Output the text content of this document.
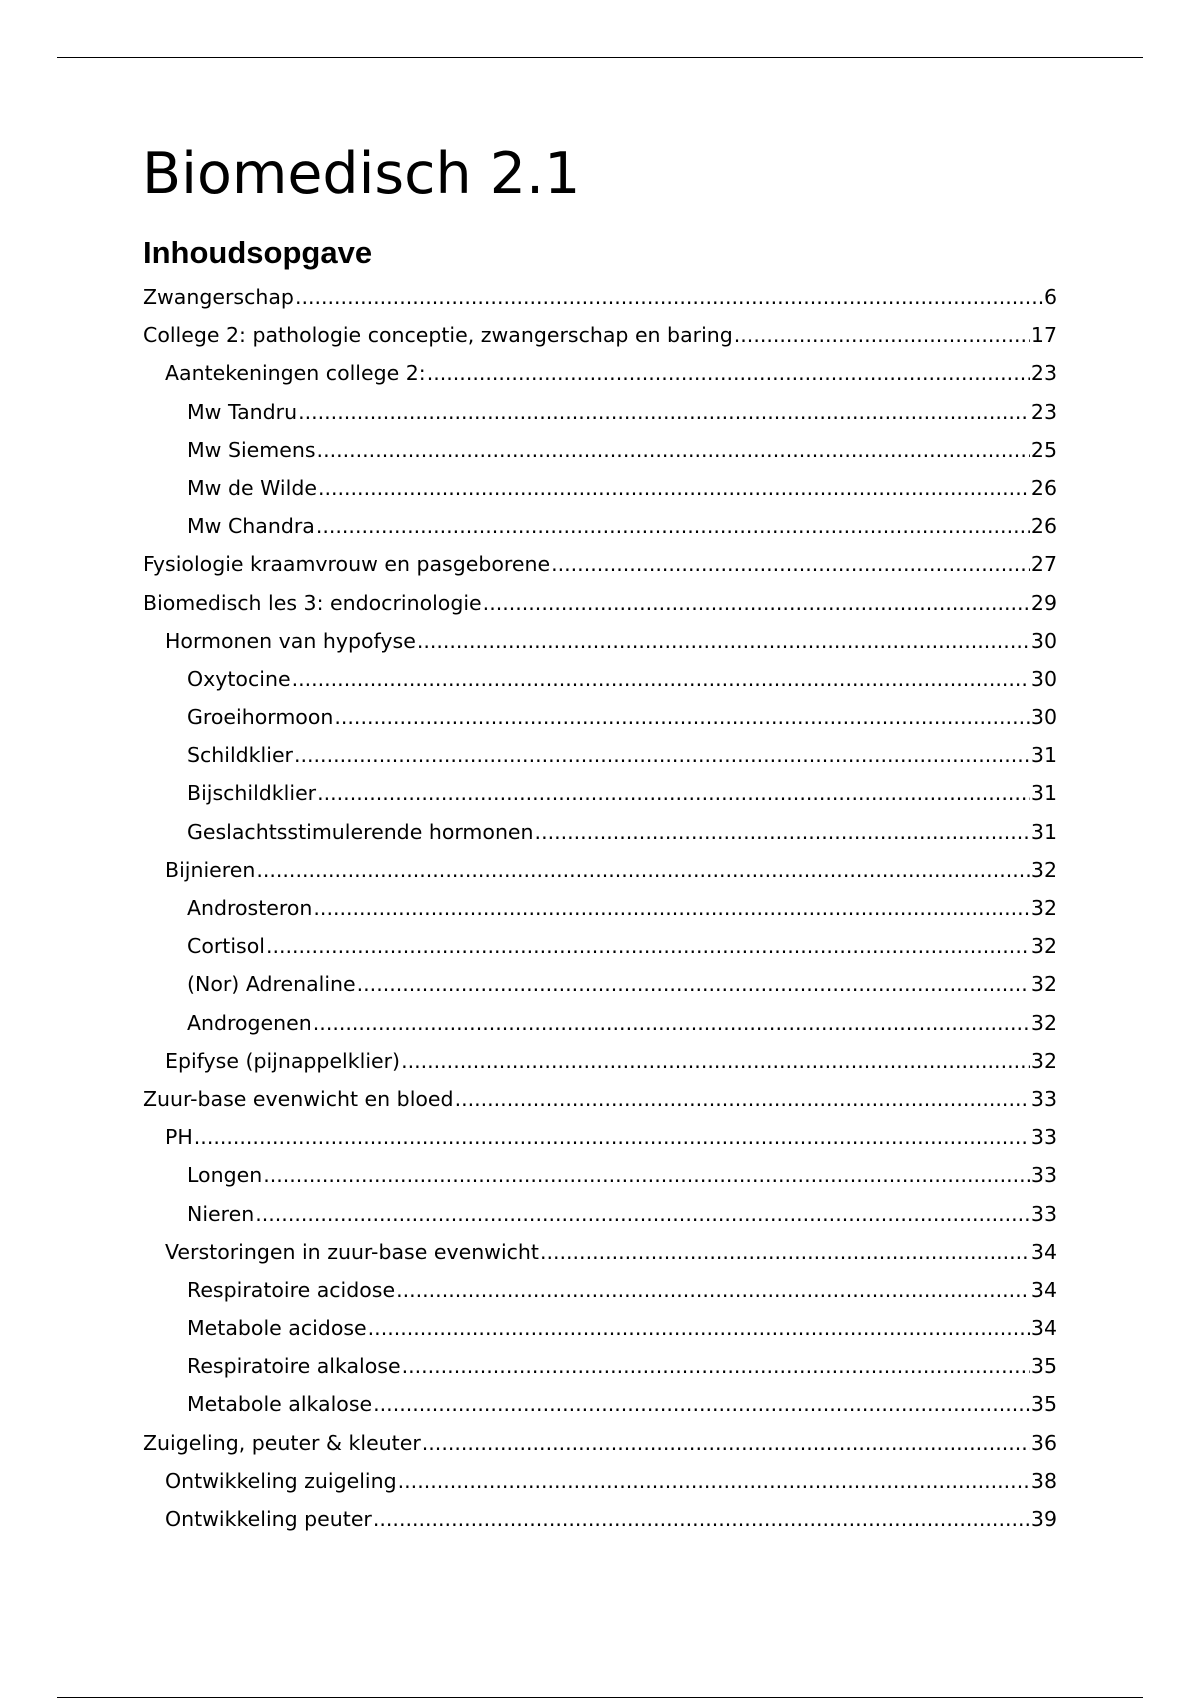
Biomedisch 2.1
Inhoudsopgave
Zwangerschap .....	6
College 2: pathologie conceptie, zwangerschap en baring .....	17
Aantekeningen college 2: .....	23
Mw Tandru .....	23
Mw Siemens .....	25
Mw de Wilde .....	26
Mw Chandra .....	26
Fysiologie kraamvrouw en pasgeborene .....	27
Biomedisch les 3: endocrinologie .....	29
Hormonen van hypofyse .....	30
Oxytocine .....	30
Groeihormoon .....	30
Schildklier .....	31
Bijschildklier .....	31
Geslachtsstimulerende hormonen .....	31
Bijnieren .....	32
Androsteron .....	32
Cortisol .....	32
(Nor) Adrenaline .....	32
Androgenen .....	32
Epifyse (pijnappelklier) .....	32
Zuur-base evenwicht en bloed .....	33
PH .....	33
Longen .....	33
Nieren .....	33
Verstoringen in zuur-base evenwicht .....	34
Respiratoire acidose .....	34
Metabole acidose .....	34
Respiratoire alkalose .....	35
Metabole alkalose .....	35
Zuigeling, peuter & kleuter .....	36
Ontwikkeling zuigeling .....	38
Ontwikkeling peuter .....	39
